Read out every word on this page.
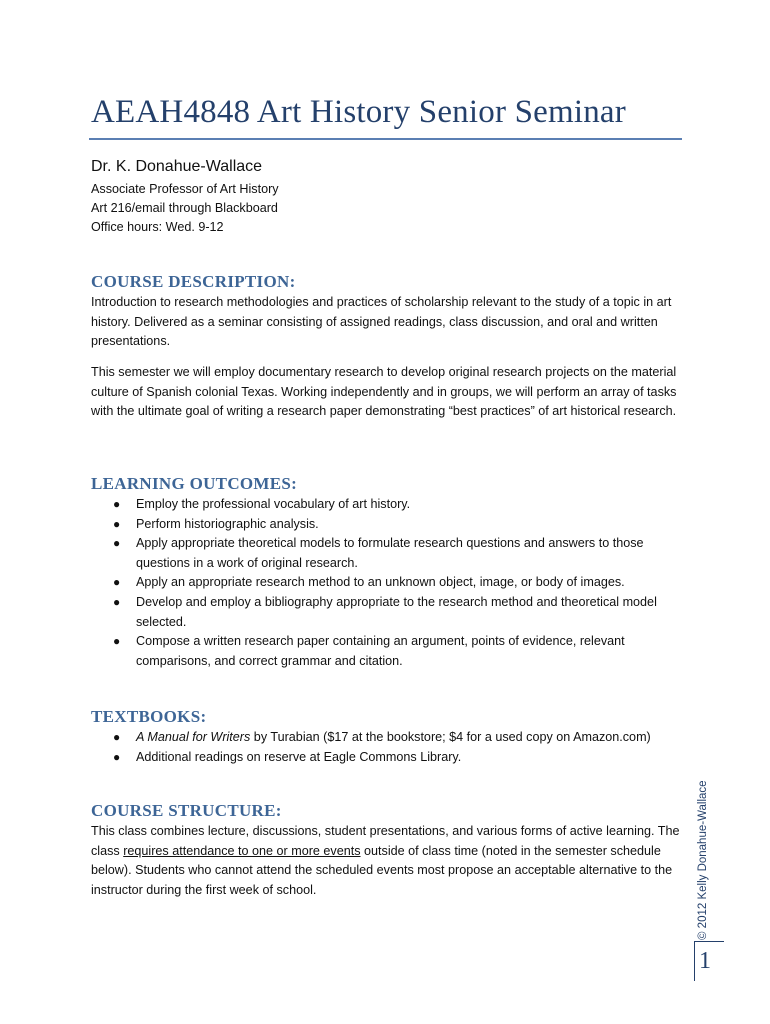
AEAH4848 Art History Senior Seminar
Dr. K. Donahue-Wallace
Associate Professor of Art History
Art 216/email through Blackboard
Office hours: Wed. 9-12
COURSE DESCRIPTION:
Introduction to research methodologies and practices of scholarship relevant to the study of a topic in art history. Delivered as a seminar consisting of assigned readings, class discussion, and oral and written presentations.
This semester we will employ documentary research to develop original research projects on the material culture of Spanish colonial Texas. Working independently and in groups, we will perform an array of tasks with the ultimate goal of writing a research paper demonstrating “best practices” of art historical research.
LEARNING OUTCOMES:
● Employ the professional vocabulary of art history.
● Perform historiographic analysis.
● Apply appropriate theoretical models to formulate research questions and answers to those questions in a work of original research.
● Apply an appropriate research method to an unknown object, image, or body of images.
● Develop and employ a bibliography appropriate to the research method and theoretical model selected.
● Compose a written research paper containing an argument, points of evidence, relevant comparisons, and correct grammar and citation.
TEXTBOOKS:
● A Manual for Writers by Turabian ($17 at the bookstore; $4 for a used copy on Amazon.com)
● Additional readings on reserve at Eagle Commons Library.
COURSE STRUCTURE:
This class combines lecture, discussions, student presentations, and various forms of active learning. The class requires attendance to one or more events outside of class time (noted in the semester schedule below). Students who cannot attend the scheduled events most propose an acceptable alternative to the instructor during the first week of school.	© 2012 Kelly Donahue-Wallace
1
